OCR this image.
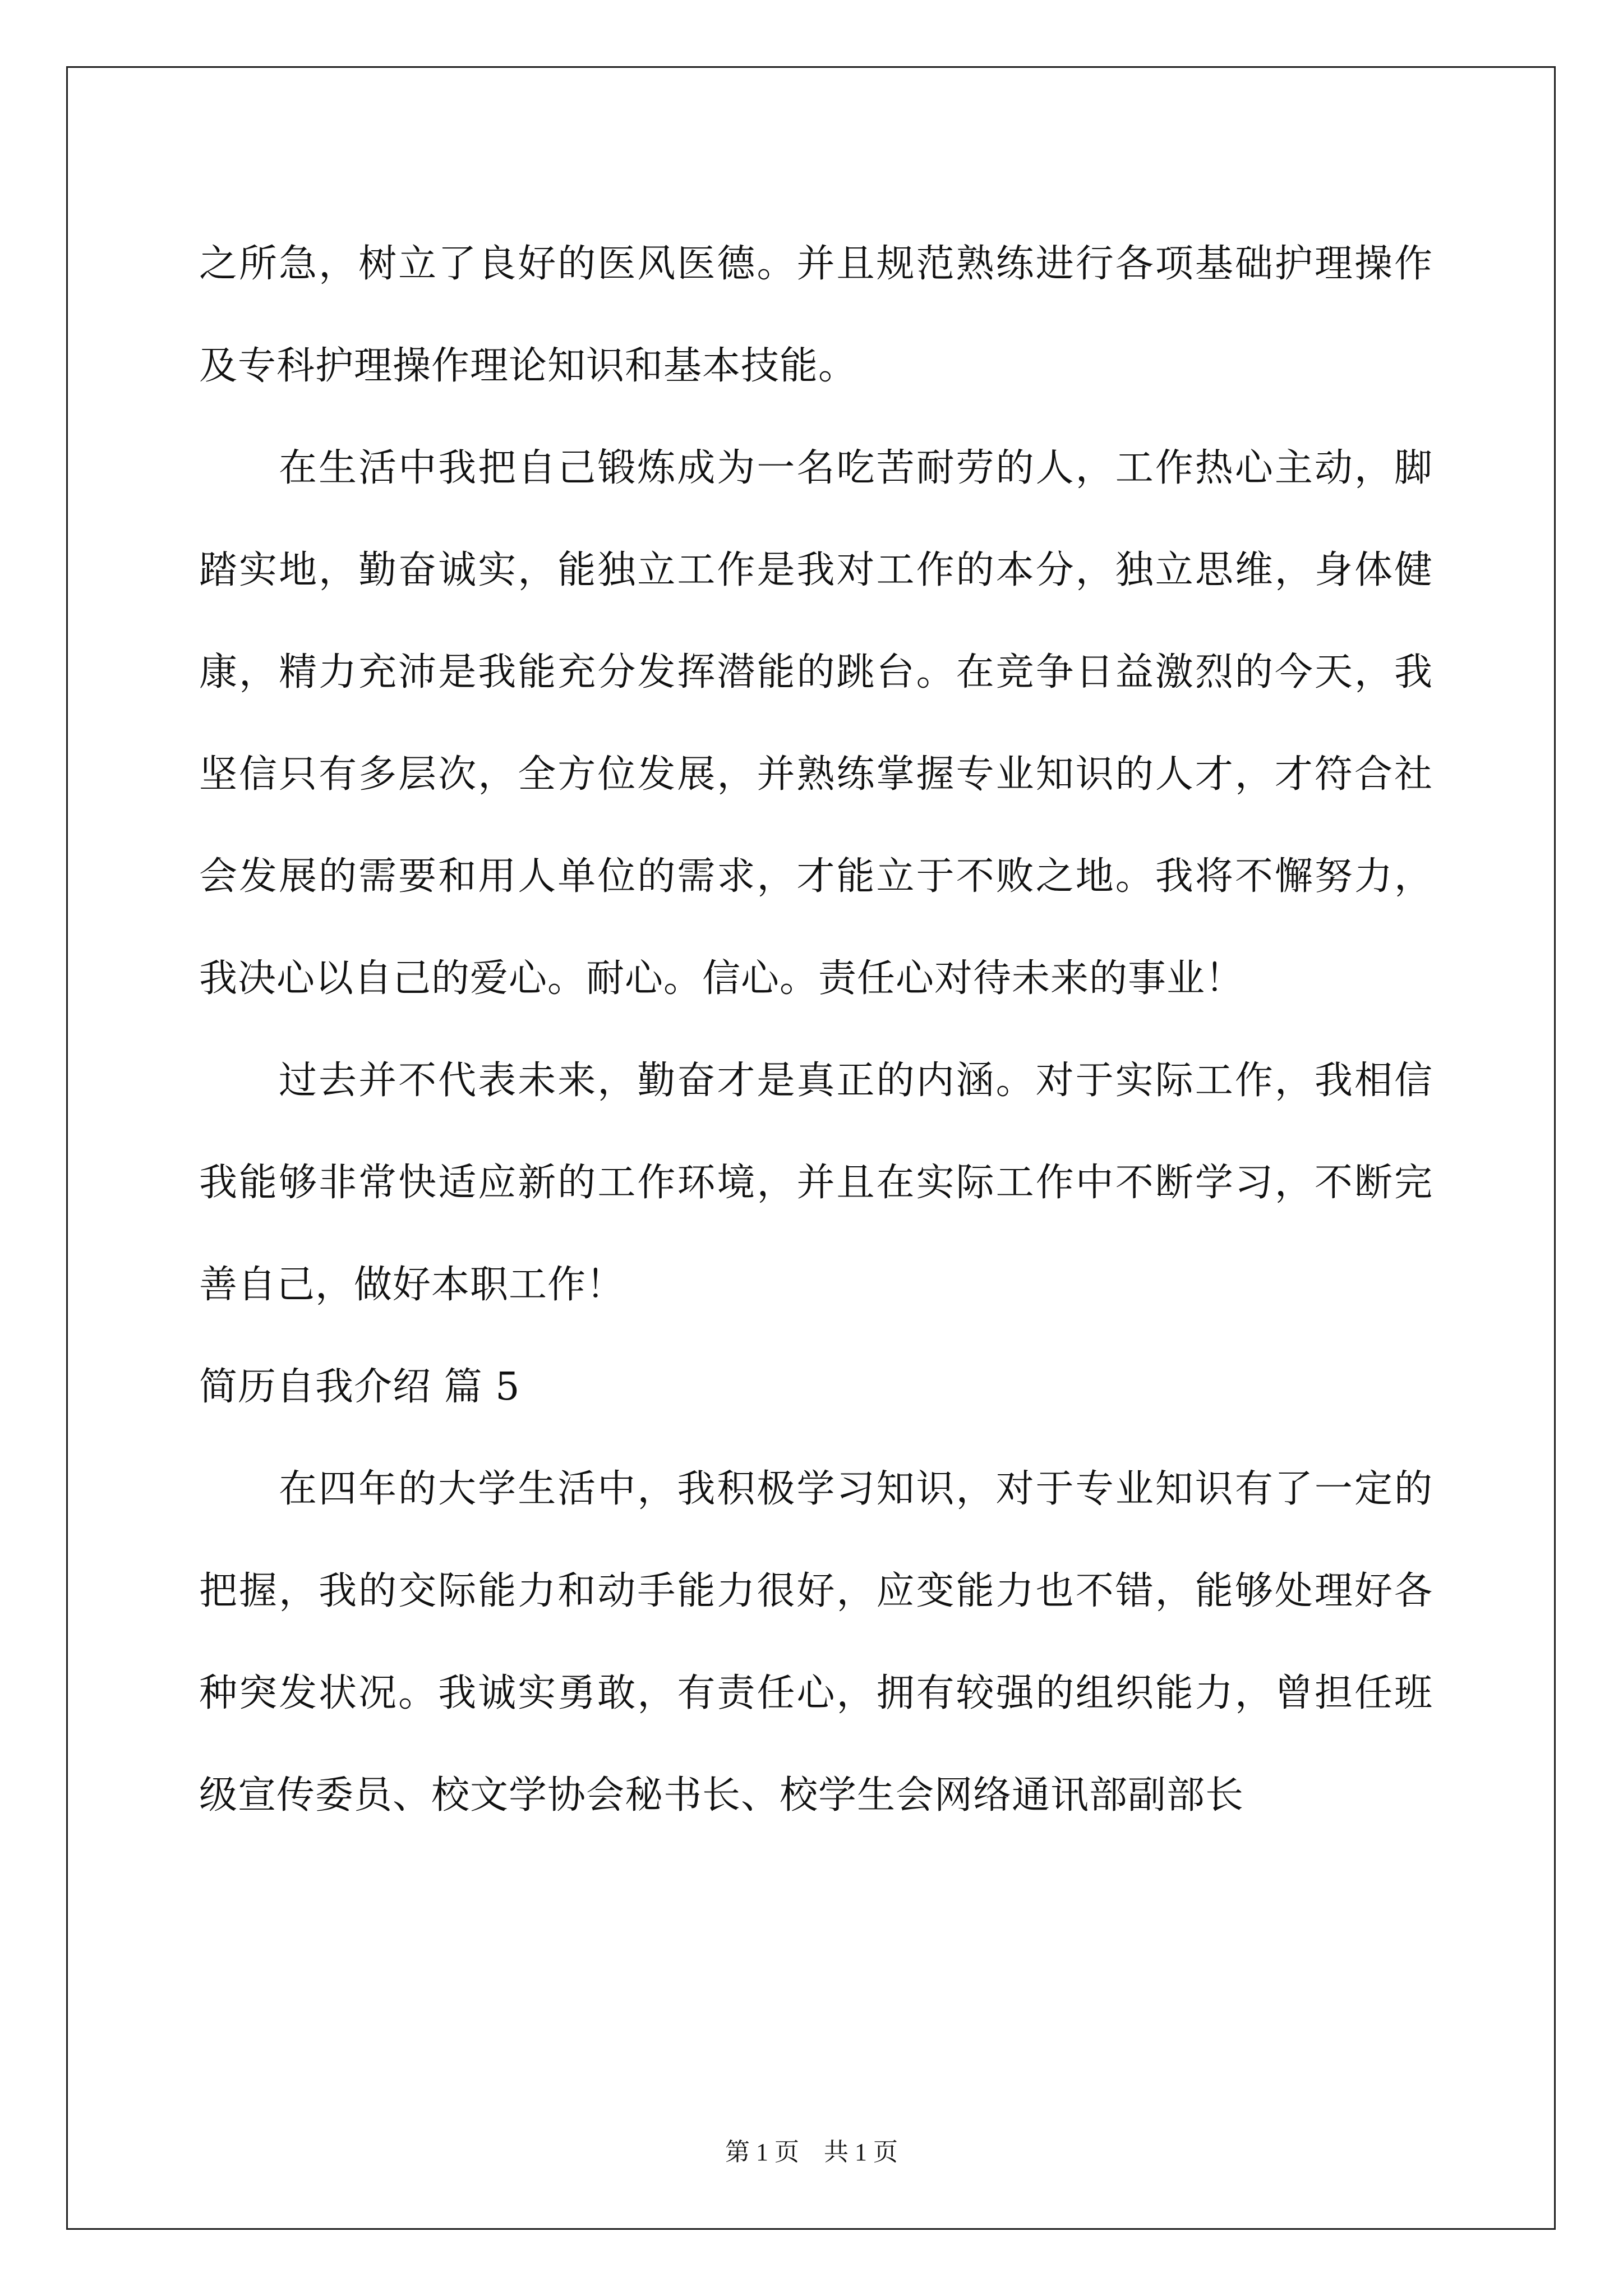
之所急，树立了良好的医风医德。并且规范熟练进行各项基础护理操作及专科护理操作理论知识和基本技能。

在生活中我把自己锻炼成为一名吃苦耐劳的人，工作热心主动，脚踏实地，勤奋诚实，能独立工作是我对工作的本分，独立思维，身体健康，精力充沛是我能充分发挥潜能的跳台。在竞争日益激烈的今天，我坚信只有多层次，全方位发展，并熟练掌握专业知识的人才，才符合社会发展的需要和用人单位的需求，才能立于不败之地。我将不懈努力，我决心以自己的爱心。耐心。信心。责任心对待未来的事业！

过去并不代表未来，勤奋才是真正的内涵。对于实际工作，我相信我能够非常快适应新的工作环境，并且在实际工作中不断学习，不断完善自己，做好本职工作！

简历自我介绍 篇 5

在四年的大学生活中，我积极学习知识，对于专业知识有了一定的把握，我的交际能力和动手能力很好，应变能力也不错，能够处理好各种突发状况。我诚实勇敢，有责任心，拥有较强的组织能力，曾担任班级宣传委员、校文学协会秘书长、校学生会网络通讯部副部长

第 1 页　共 1 页
